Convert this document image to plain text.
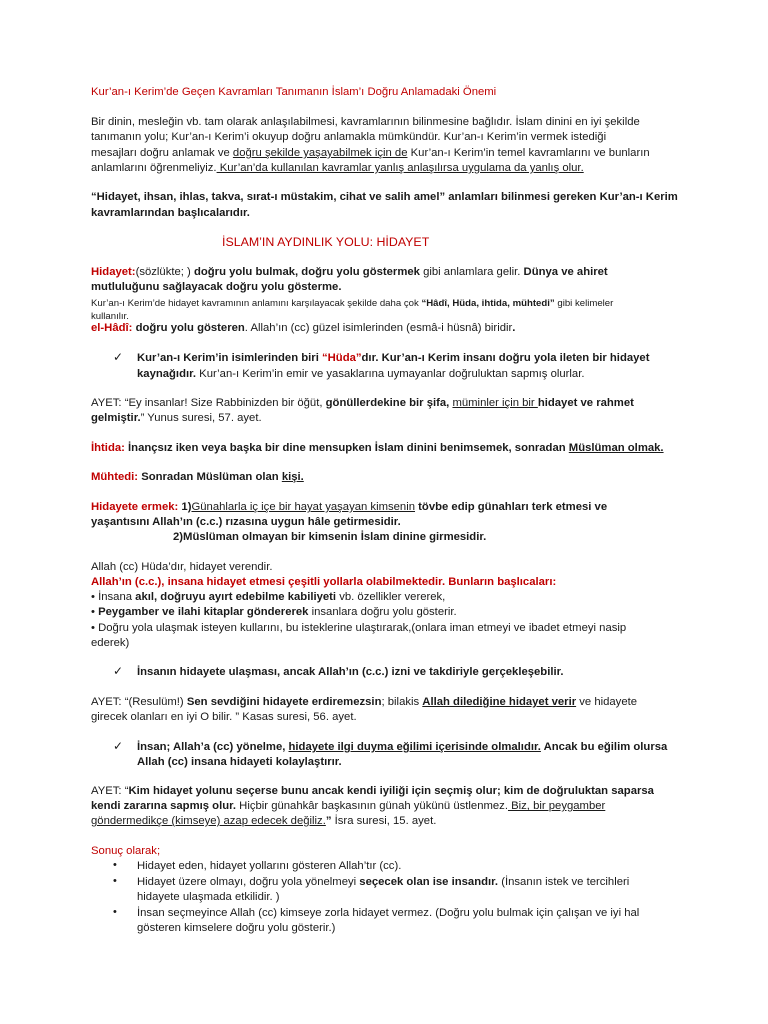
Kur’an-ı Kerim’de Geçen Kavramları Tanımanın İslam’ı Doğru Anlamadaki Önemi
Bir dinin, mesleğin vb. tam olarak anlaşılabilmesi, kavramlarının bilinmesine bağlıdır. İslam dinini en iyi şekilde
tanımanın yolu; Kur’an-ı Kerim’i okuyup doğru anlamakla mümkündür. Kur’an-ı Kerim’in vermek istediği
mesajları doğru anlamak ve doğru şekilde yaşayabilmek için de Kur’an-ı Kerim’in temel kavramlarını ve bunların
anlamlarını öğrenmeliyiz. Kur’an’da kullanılan kavramlar yanlış anlaşılırsa uygulama da yanlış olur.
“Hidayet, ihsan, ihlas, takva, sırat-ı müstakim, cihat ve salih amel” anlamları bilinmesi gereken Kur’an-ı Kerim
kavramlarından başlıcalarıdır.
İSLAM’IN AYDINLIK YOLU: HİDAYET
Hidayet:(sözlükte; ) doğru yolu bulmak, doğru yolu göstermek gibi anlamlara gelir. Dünya ve ahiret
mutluluğunu sağlayacak doğru yolu gösterme.
Kur’an-ı Kerim’de hidayet kavramının anlamını karşılayacak şekilde daha çok “Hâdî, Hüda, ihtida, mühtedi” gibi kelimeler
kullanılır.
el-Hâdî: doğru yolu gösteren. Allah’ın (cc) güzel isimlerinden (esmâ-i hüsnâ) biridir.
✓ Kur’an-ı Kerim’in isimlerinden biri “Hüda”dır. Kur’an-ı Kerim insanı doğru yola ileten bir hidayet
kaynağıdır. Kur’an-ı Kerim’in emir ve yasaklarına uymayanlar doğruluktan sapmış olurlar.
AYET: “Ey insanlar! Size Rabbinizden bir öğüt, gönüllerdekine bir şifa, müminler için bir hidayet ve rahmet
gelmiştir.” Yunus suresi, 57. ayet.
İhtida: İnançsız iken veya başka bir dine mensupken İslam dinini benimsemek, sonradan Müslüman olmak.
Mühtedi: Sonradan Müslüman olan kişi.
Hidayete ermek: 1)Günahlarla iç içe bir hayat yaşayan kimsenin tövbe edip günahları terk etmesi ve
yaşantısını Allah’ın (c.c.) rızasına uygun hâle getirmesidir.
2)Müslüman olmayan bir kimsenin İslam dinine girmesidir.
Allah (cc) Hüda’dır, hidayet verendir.
Allah’ın (c.c.), insana hidayet etmesi çeşitli yollarla olabilmektedir. Bunların başlıcaları:
• İnsana akıl, doğruyu ayırt edebilme kabiliyeti vb. özellikler vererek,
• Peygamber ve ilahi kitaplar göndererek insanlara doğru yolu gösterir.
• Doğru yola ulaşmak isteyen kullarını, bu isteklerine ulaştırarak,(onlara iman etmeyi ve ibadet etmeyi nasip
ederek)
✓ İnsanın hidayete ulaşması, ancak Allah’ın (c.c.) izni ve takdiriyle gerçekleşebilir.
AYET: “(Resulüm!) Sen sevdiğini hidayete erdiremezsin; bilakis Allah dilediğine hidayet verir ve hidayete
girecek olanları en iyi O bilir. ” Kasas suresi, 56. ayet.
✓ İnsan; Allah’a (cc) yönelme, hidayete ilgi duyma eğilimi içerisinde olmalıdır. Ancak bu eğilim olursa
Allah (cc) insana hidayeti kolaylaştırır.
AYET: “Kim hidayet yolunu seçerse bunu ancak kendi iyiliği için seçmiş olur; kim de doğruluktan saparsa
kendi zararına sapmış olur. Hiçbir günahkâr başkasının günah yükünü üstlenmez. Biz, bir peygamber
göndermedikçe (kimseye) azap edecek değiliz.” İsra suresi, 15. ayet.
Sonuç olarak;
• Hidayet eden, hidayet yollarını gösteren Allah’tır (cc).
• Hidayet üzere olmayı, doğru yola yönelmeyi seçecek olan ise insandır. (İnsanın istek ve tercihleri
hidayete ulaşmada etkilidir. )
• İnsan seçmeyince Allah (cc) kimseye zorla hidayet vermez. (Doğru yolu bulmak için çalışan ve iyi hal
gösteren kimselere doğru yolu gösterir.)
